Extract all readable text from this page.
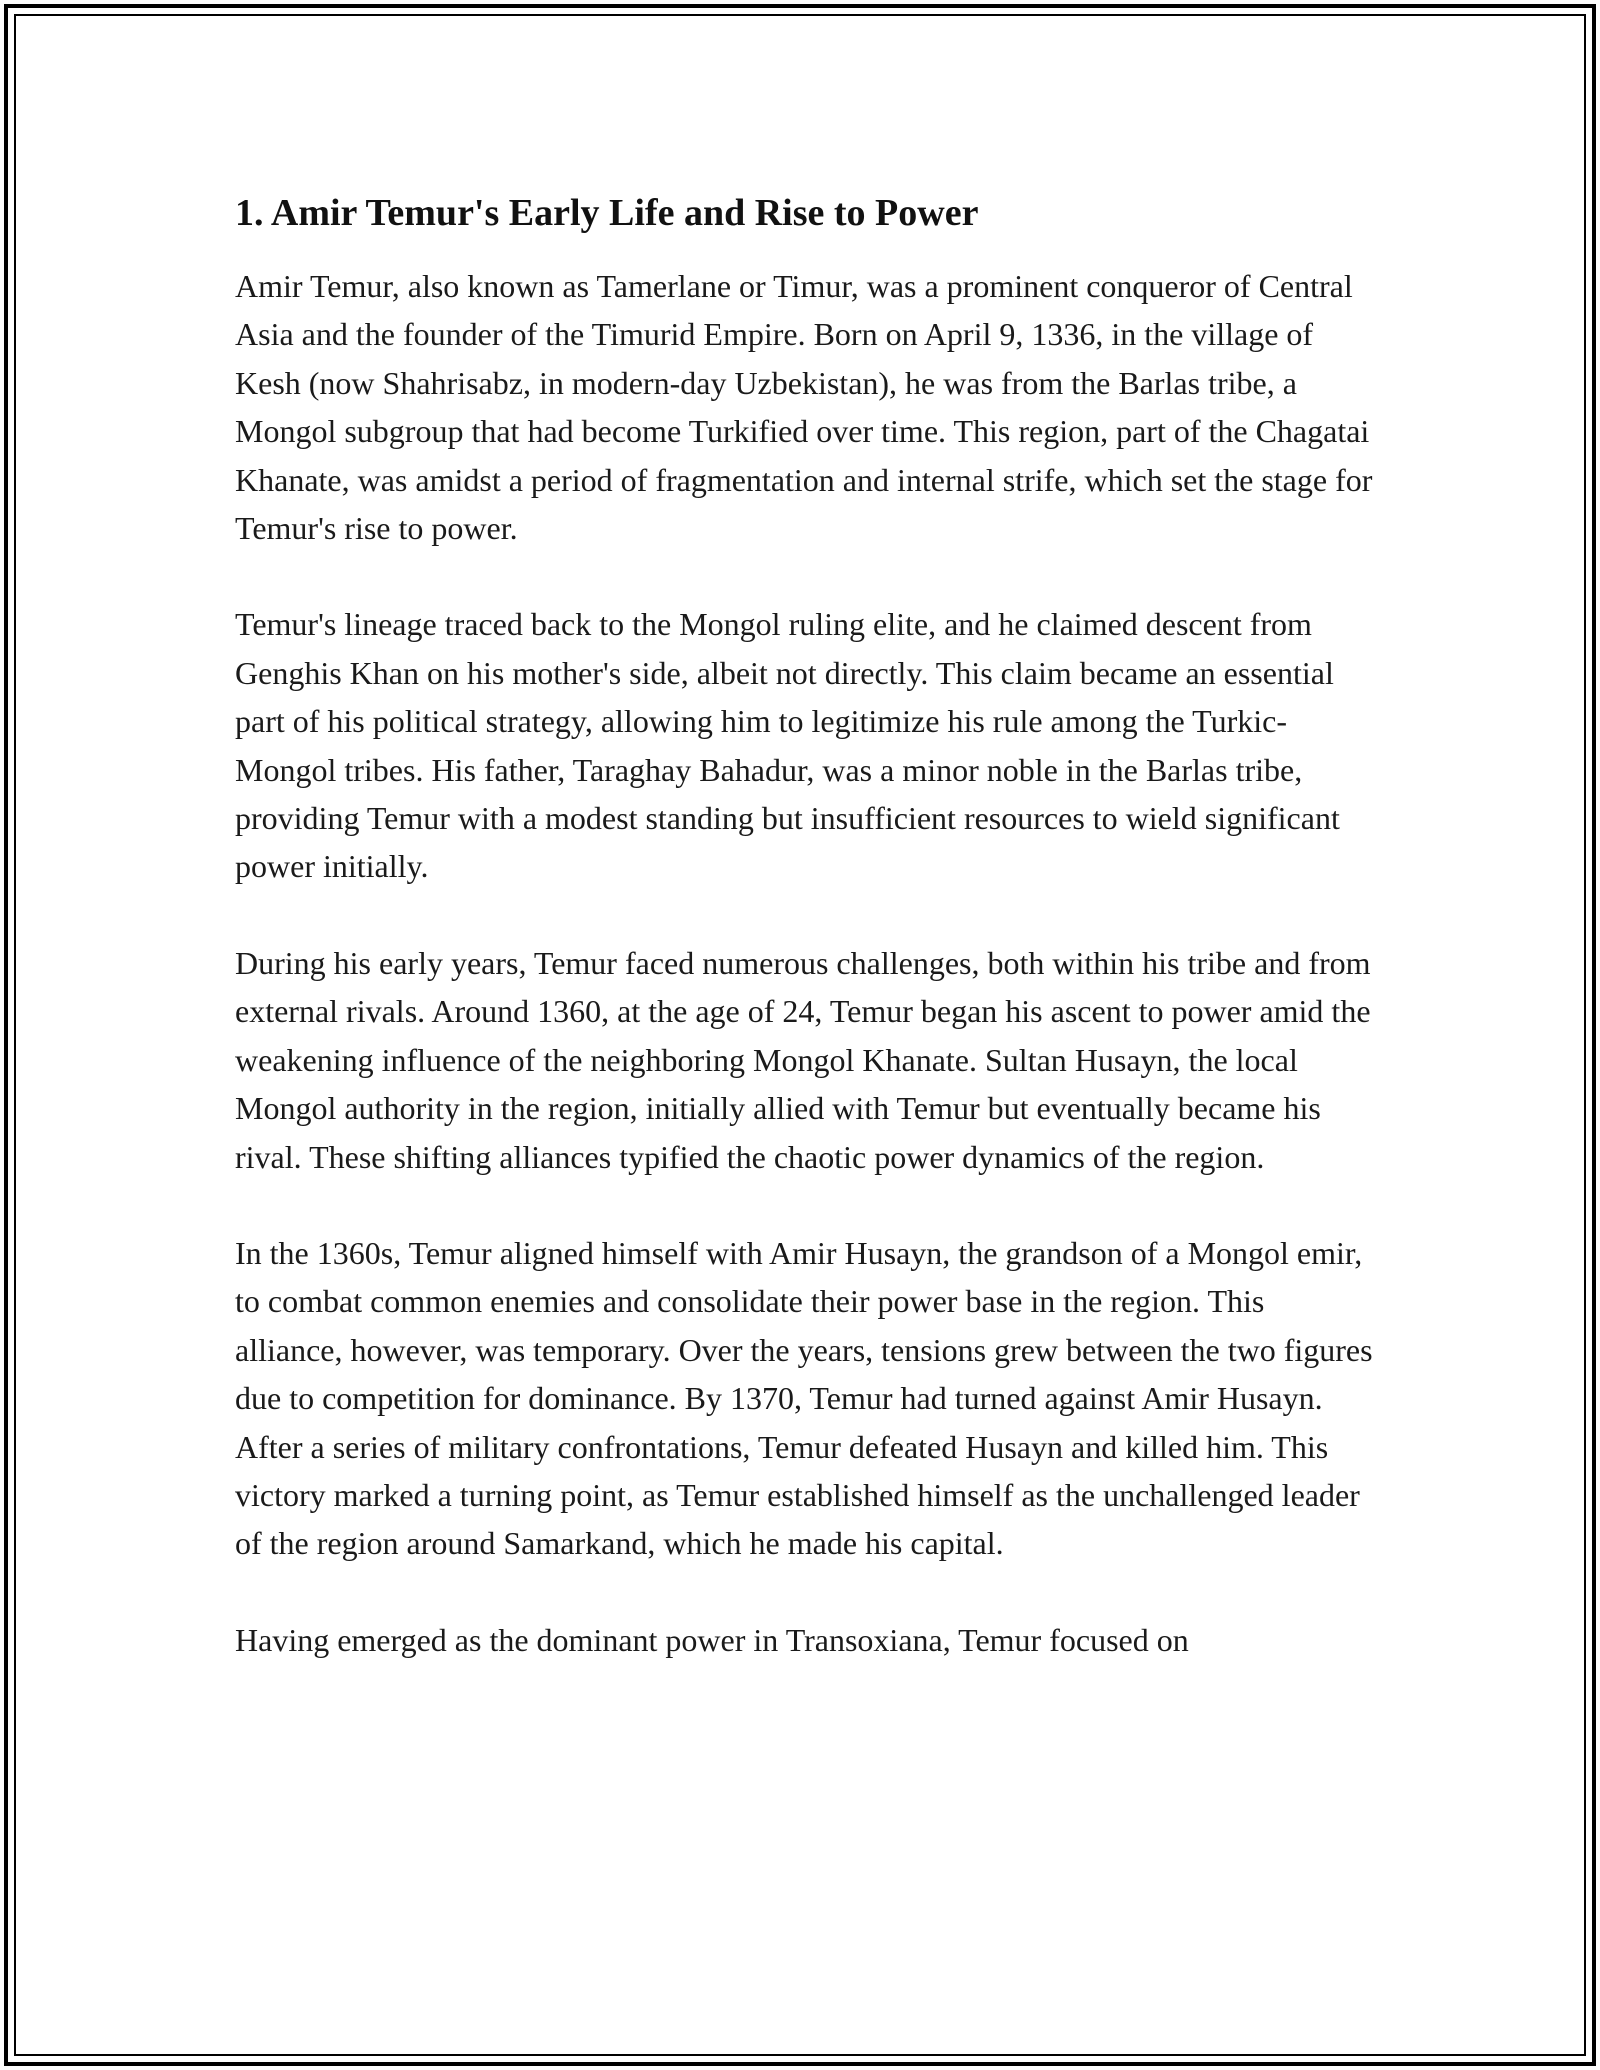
1. Amir Temur's Early Life and Rise to Power

Amir Temur, also known as Tamerlane or Timur, was a prominent conqueror of Central Asia and the founder of the Timurid Empire. Born on April 9, 1336, in the village of Kesh (now Shahrisabz, in modern-day Uzbekistan), he was from the Barlas tribe, a Mongol subgroup that had become Turkified over time. This region, part of the Chagatai Khanate, was amidst a period of fragmentation and internal strife, which set the stage for Temur's rise to power.

Temur's lineage traced back to the Mongol ruling elite, and he claimed descent from Genghis Khan on his mother's side, albeit not directly. This claim became an essential part of his political strategy, allowing him to legitimize his rule among the Turkic-Mongol tribes. His father, Taraghay Bahadur, was a minor noble in the Barlas tribe, providing Temur with a modest standing but insufficient resources to wield significant power initially.

During his early years, Temur faced numerous challenges, both within his tribe and from external rivals. Around 1360, at the age of 24, Temur began his ascent to power amid the weakening influence of the neighboring Mongol Khanate. Sultan Husayn, the local Mongol authority in the region, initially allied with Temur but eventually became his rival. These shifting alliances typified the chaotic power dynamics of the region.

In the 1360s, Temur aligned himself with Amir Husayn, the grandson of a Mongol emir, to combat common enemies and consolidate their power base in the region. This alliance, however, was temporary. Over the years, tensions grew between the two figures due to competition for dominance. By 1370, Temur had turned against Amir Husayn. After a series of military confrontations, Temur defeated Husayn and killed him. This victory marked a turning point, as Temur established himself as the unchallenged leader of the region around Samarkand, which he made his capital.

Having emerged as the dominant power in Transoxiana, Temur focused on
